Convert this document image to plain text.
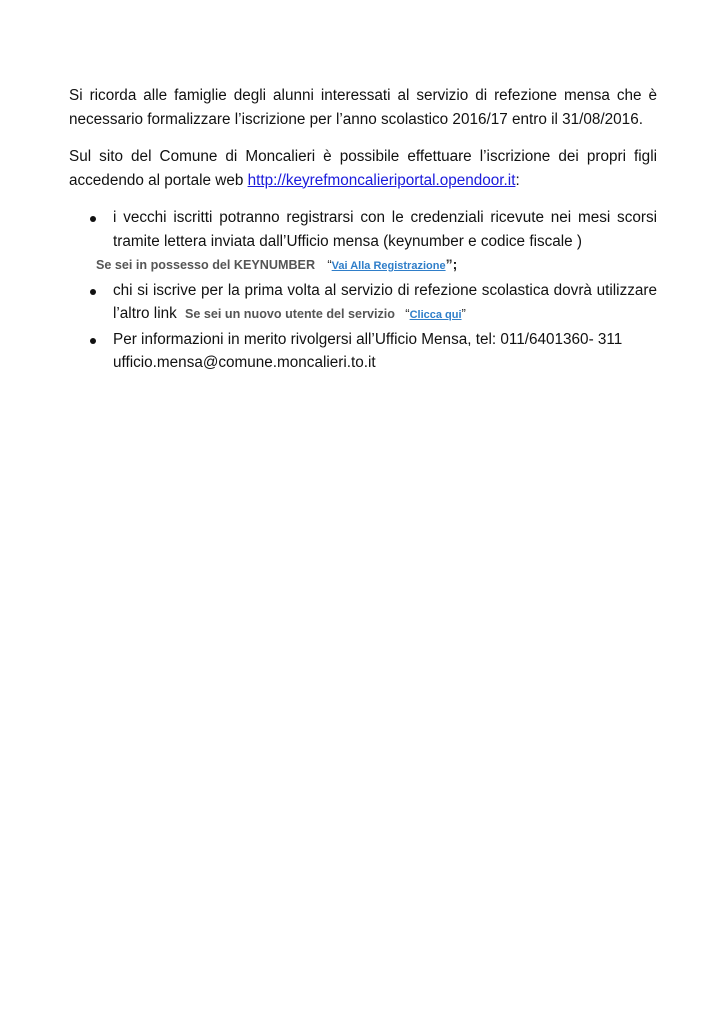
Si ricorda alle famiglie degli alunni interessati al servizio di refezione mensa che è necessario formalizzare l’iscrizione per l’anno scolastico 2016/17 entro il 31/08/2016.

Sul sito del Comune di Moncalieri è possibile effettuare l’iscrizione dei propri figli accedendo al portale web http://keyrefmoncalieriportal.opendoor.it:

i vecchi iscritti potranno registrarsi con le credenziali ricevute nei mesi scorsi tramite lettera inviata dall’Ufficio mensa (keynumber e codice fiscale )
Se sei in possesso del KEYNUMBER “Vai Alla Registrazione”;
chi si iscrive per la prima volta al servizio di refezione scolastica dovrà utilizzare l’altro link Se sei un nuovo utente del servizio “Clicca qui”
Per informazioni in merito rivolgersi all’Ufficio Mensa, tel: 011/6401360- 311
ufficio.mensa@comune.moncalieri.to.it
